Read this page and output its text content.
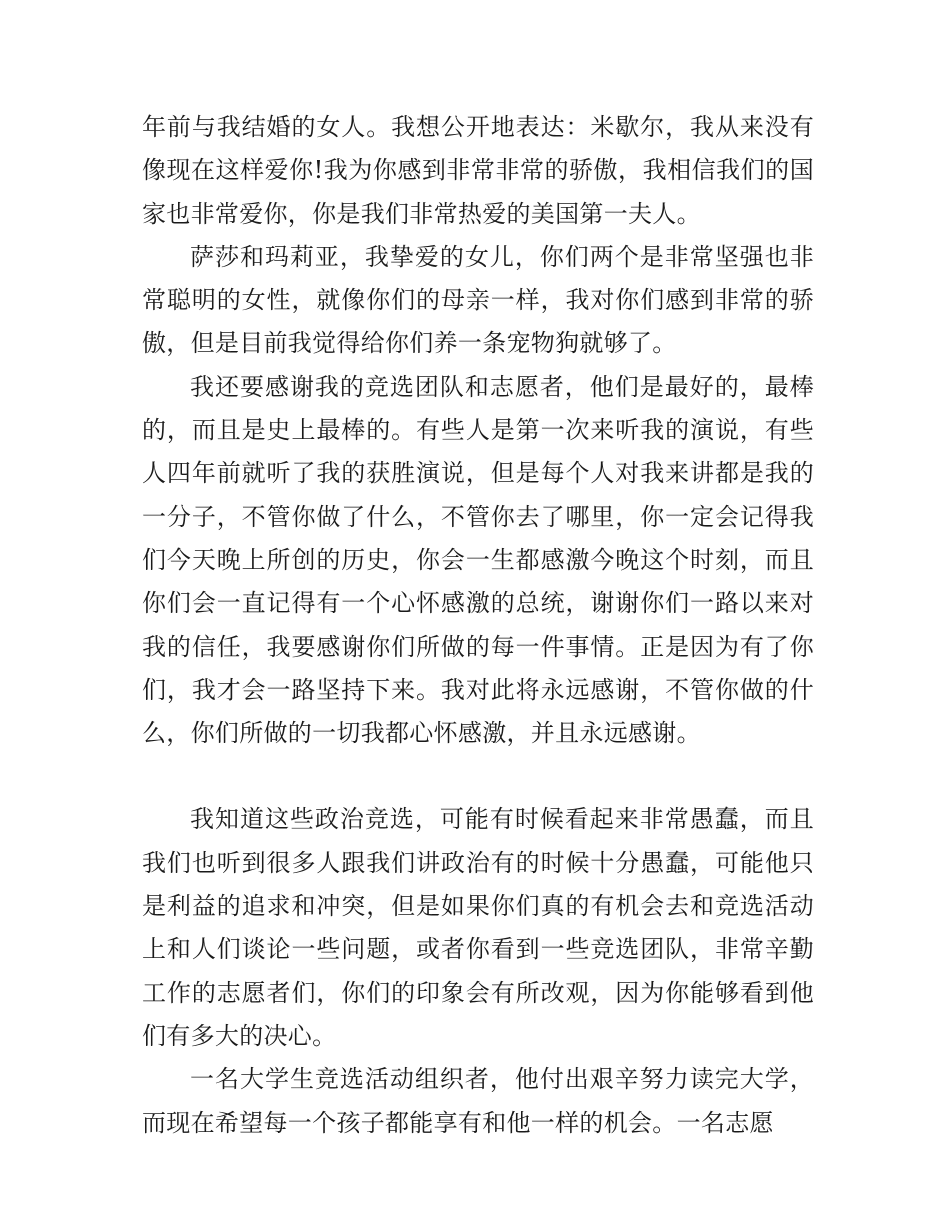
年前与我结婚的女人。我想公开地表达：米歇尔，我从来没有像现在这样爱你!我为你感到非常非常的骄傲，我相信我们的国家也非常爱你，你是我们非常热爱的美国第一夫人。

萨莎和玛莉亚，我挚爱的女儿，你们两个是非常坚强也非常聪明的女性，就像你们的母亲一样，我对你们感到非常的骄傲，但是目前我觉得给你们养一条宠物狗就够了。

我还要感谢我的竞选团队和志愿者，他们是最好的，最棒的，而且是史上最棒的。有些人是第一次来听我的演说，有些人四年前就听了我的获胜演说，但是每个人对我来讲都是我的一分子，不管你做了什么，不管你去了哪里，你一定会记得我们今天晚上所创的历史，你会一生都感激今晚这个时刻，而且你们会一直记得有一个心怀感激的总统，谢谢你们一路以来对我的信任，我要感谢你们所做的每一件事情。正是因为有了你们，我才会一路坚持下来。我对此将永远感谢，不管你做的什么，你们所做的一切我都心怀感激，并且永远感谢。

我知道这些政治竞选，可能有时候看起来非常愚蠢，而且我们也听到很多人跟我们讲政治有的时候十分愚蠢，可能他只是利益的追求和冲突，但是如果你们真的有机会去和竞选活动上和人们谈论一些问题，或者你看到一些竞选团队，非常辛勤工作的志愿者们，你们的印象会有所改观，因为你能够看到他们有多大的决心。

一名大学生竞选活动组织者，他付出艰辛努力读完大学，而现在希望每一个孩子都能享有和他一样的机会。一名志愿
